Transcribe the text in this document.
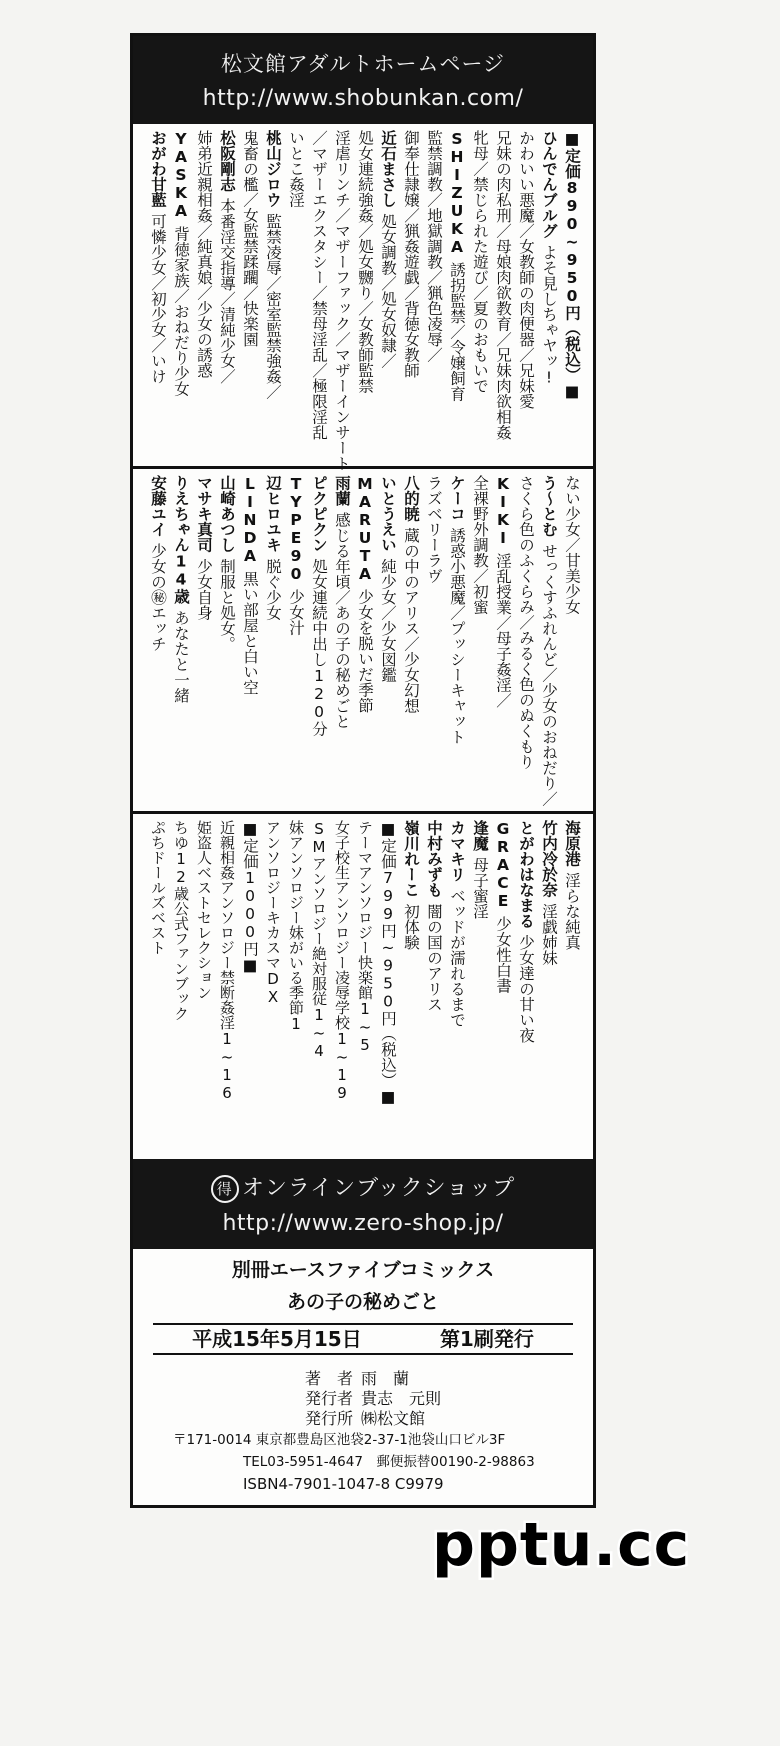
松文館アダルトホームページ
http://www.shobunkan.com/
■定価890~950円（税込）■
ひんでんブルグよそ見しちゃヤッ!
かわいい悪魔／女教師の肉便器／兄妹愛
兄妹の肉私刑／母娘肉欲教育／兄妹肉欲相姦
牝母／禁じられた遊び／夏のおもいで
SHIZUKA誘拐監禁／令嬢飼育
監禁調教／地獄調教／猟色凌辱／
御奉仕隷嬢／猟姦遊戯／背徳女教師
近石まさし処女調教／処女奴隷／
処女連続強姦／処女嬲り／女教師監禁
淫虐リンチ／マザーファック／マザーインサート
／マザーエクスタシー／禁母淫乱／極限淫乱
いとこ姦淫
桃山ジロウ監禁凌辱／密室監禁強姦／
鬼畜の檻／女監禁蹂躙／快楽園
松阪剛志本番淫交指導／清純少女／
姉弟近親相姦／純真娘／少女の誘惑
YASKA背徳家族／おねだり少女
おがわ甘藍可憐少女／初少女／いけ
ない少女／甘美少女
う～とむせっくすふれんど／少女のおねだり／
さくら色のふくらみ／みるく色のぬくもり
KIKI淫乱授業／母子姦淫／
全裸野外調教／初蜜
ケーコ誘惑小悪魔／プッシーキャット
ラズベリーラヴ
八的暁蔵の中のアリス／少女幻想
いとうえい純少女／少女図鑑
MARUTA少女を脱いだ季節
雨蘭感じる年頃／あの子の秘めごと
ピクピクン処女連続中出し120分
TYPE90少女汁
辺ヒロユキ脱ぐ少女
LINDA黒い部屋と白い空
山崎あつし制服と処女。
マサキ真司少女自身
りえちゃん14歳あなたと一緒
安藤ユイ少女の㊙エッチ
海原港淫らな純真
竹内冷於奈淫戯姉妹
とがわはなまる少女達の甘い夜
GRACE少女性白書
逢魔母子蜜淫
カマキリベッドが濡れるまで
中村みずも闇の国のアリス
嶺川れーこ初体験
■定価799円~950円（税込）■
テーマアンソロジー快楽館1~5
女子校生アンソロジー凌辱学校1~19
SMアンソロジー絶対服従1~4
妹アンソロジー妹がいる季節1
アンソロジーキカスマDX
■定価1000円■
近親相姦アンソロジー禁断姦淫1~16
姫盗人ベストセレクション
ちゆ12歳公式ファンブック
ぷちドールズベスト
得 オンラインブックショップ
http://www.zero-shop.jp/
別冊エースファイブコミックス
あの子の秘めごと
平成15年5月15日	第1刷発行
著　者 雨　蘭
発行者 貴志　元則
発行所 ㈱松文館
〒171-0014 東京都豊島区池袋2-37-1池袋山口ビル3F
TEL03-5951-4647　郵便振替00190-2-98863
ISBN4-7901-1047-8 C9979
pptu.cc
